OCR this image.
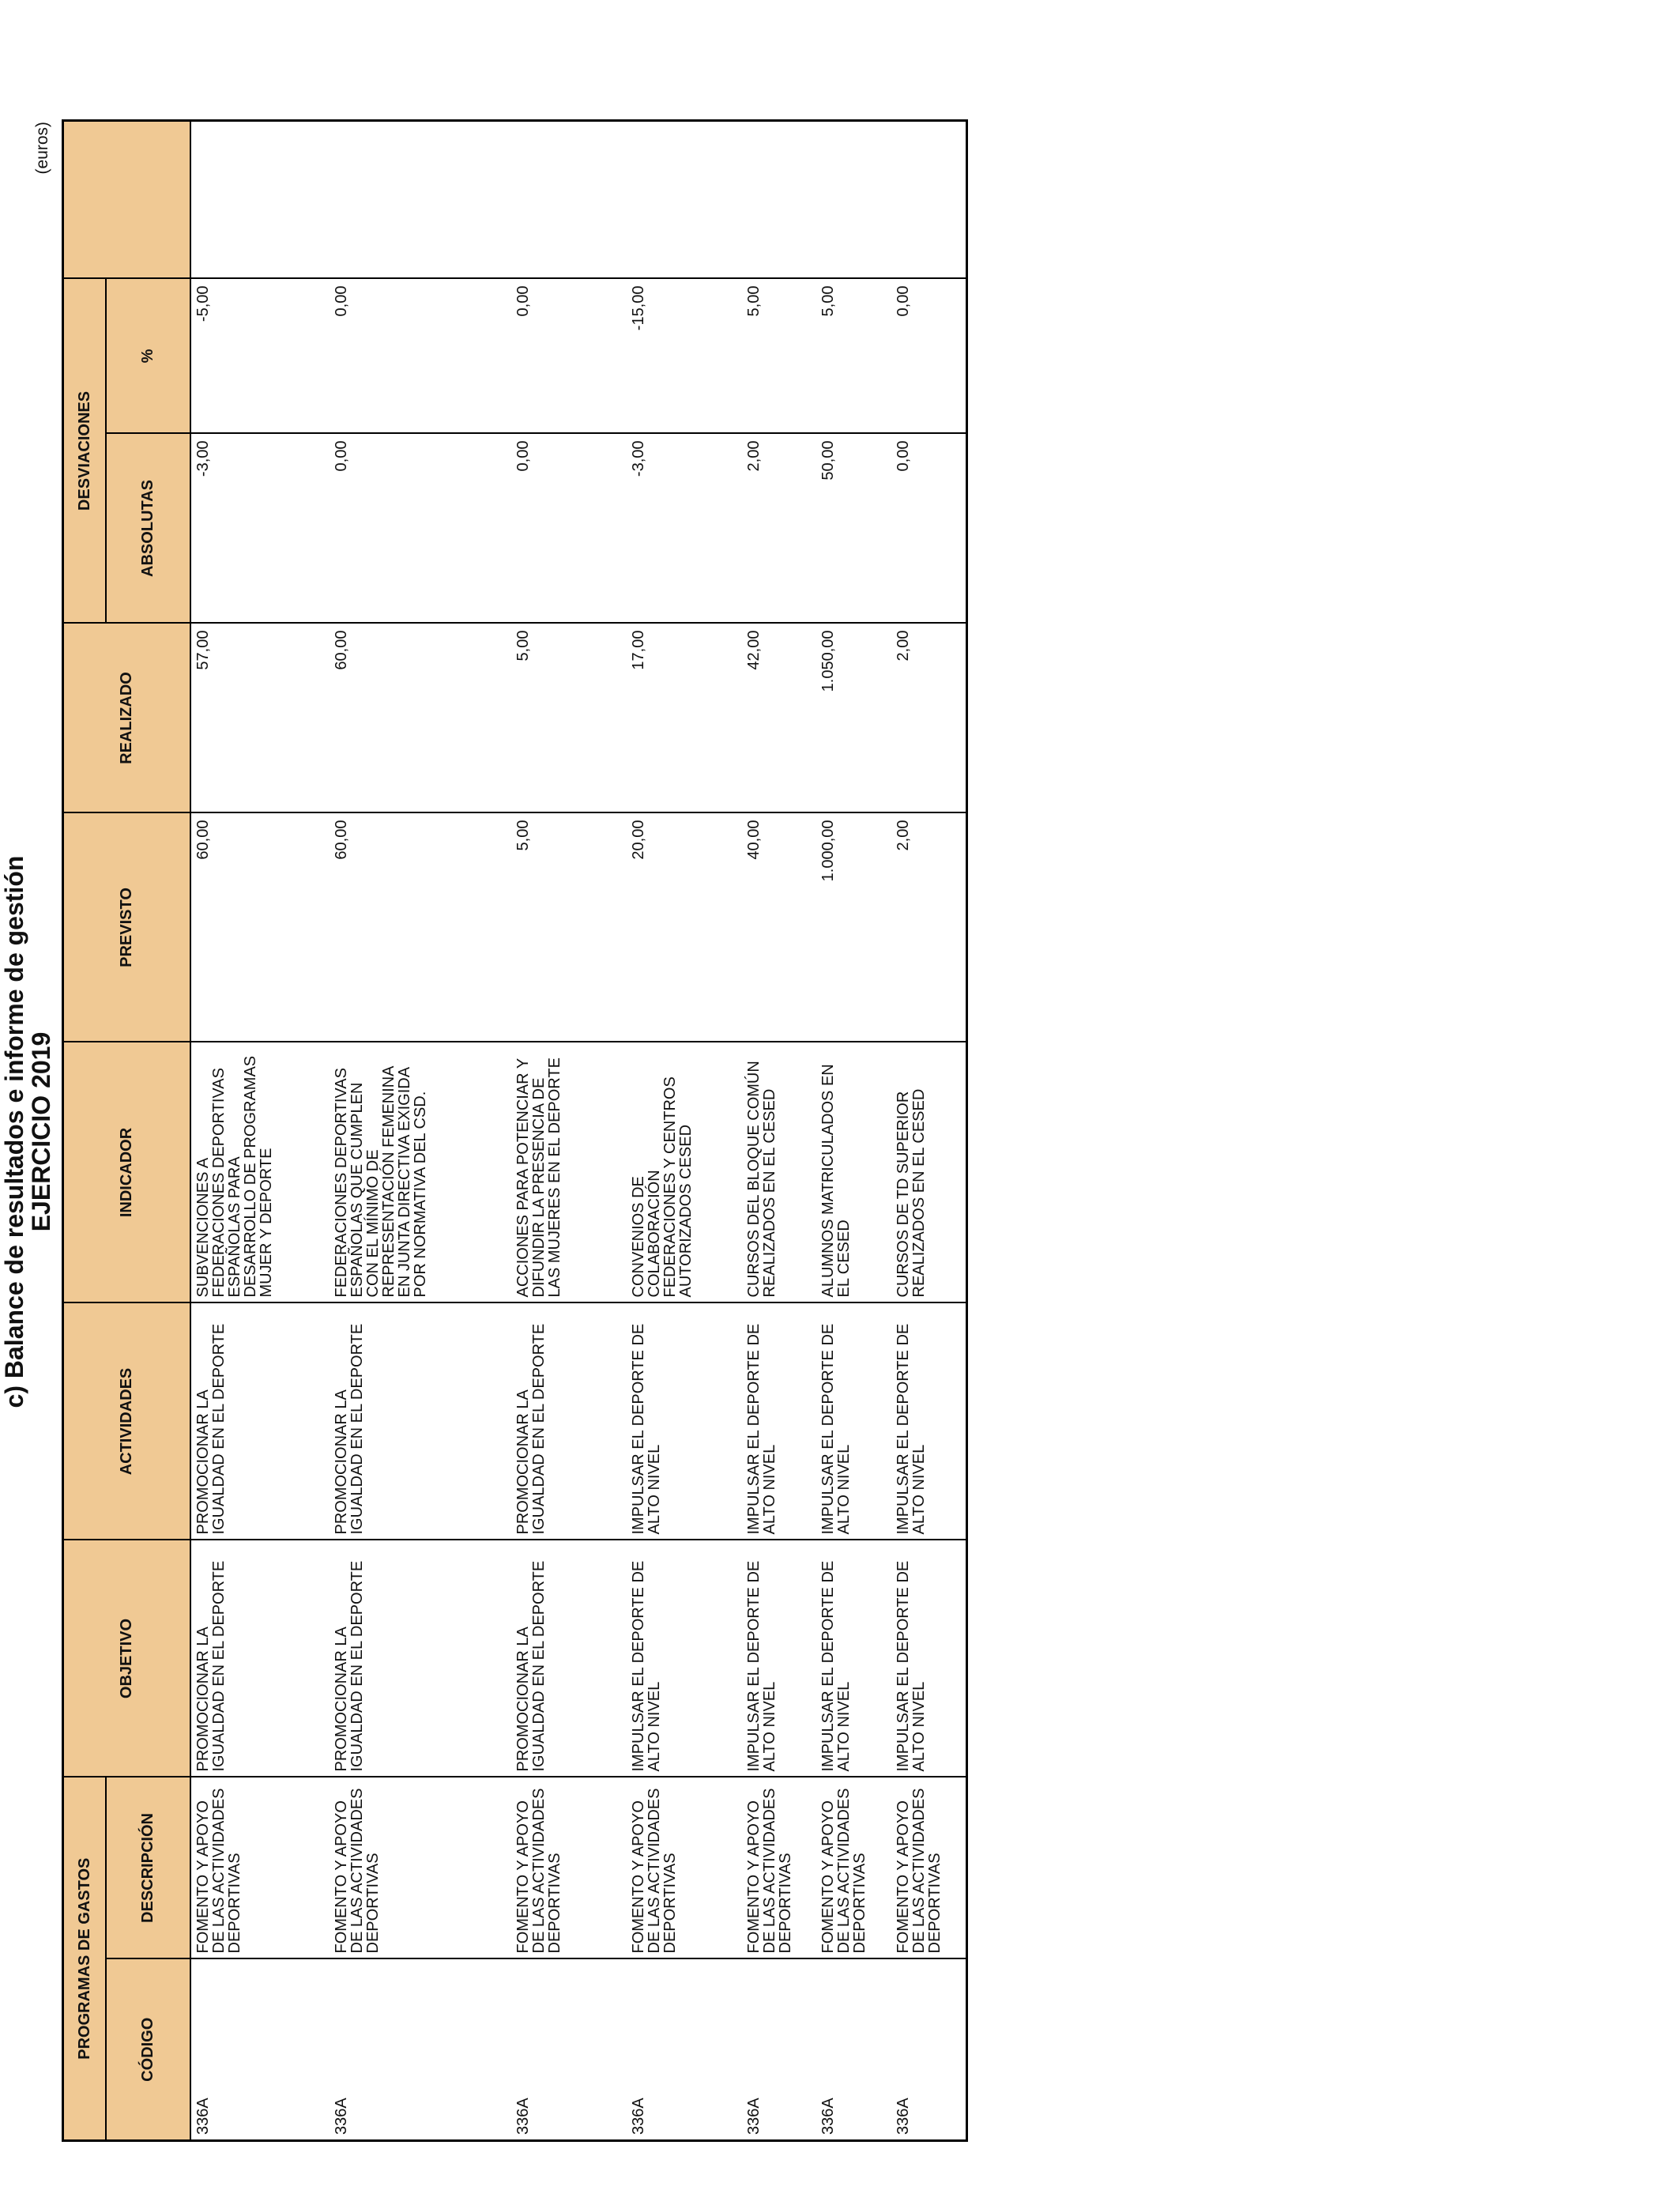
c) Balance de resultados e informe de gestión
EJERCICIO 2019
(euros)
PROGRAMAS DE GASTOS		OBJETIVO	ACTIVIDADES	INDICADOR	PREVISTO	REALIZADO	DESVIACIONES		
CÓDIGO	DESCRIPCIÓN						ABSOLUTAS	%	
336A	FOMENTO Y APOYO DE LAS ACTIVIDADES DEPORTIVAS	PROMOCIONAR LA IGUALDAD EN EL DEPORTE	PROMOCIONAR LA IGUALDAD EN EL DEPORTE	SUBVENCIONES A FEDERACIONES DEPORTIVAS ESPAÑOLAS PARA DESARROLLO DE PROGRAMAS MUJER Y DEPORTE	60,00	57,00	-3,00	-5,00	
336A	FOMENTO Y APOYO DE LAS ACTIVIDADES DEPORTIVAS	PROMOCIONAR LA IGUALDAD EN EL DEPORTE	PROMOCIONAR LA IGUALDAD EN EL DEPORTE	FEDERACIONES DEPORTIVAS ESPAÑOLAS QUE CUMPLEN CON EL MÍNIMO DE REPRESENTACIÓN FEMENINA EN JUNTA DIRECTIVA EXIGIDA POR NORMATIVA DEL CSD.	60,00	60,00	0,00	0,00	
336A	FOMENTO Y APOYO DE LAS ACTIVIDADES DEPORTIVAS	PROMOCIONAR LA IGUALDAD EN EL DEPORTE	PROMOCIONAR LA IGUALDAD EN EL DEPORTE	ACCIONES PARA POTENCIAR Y DIFUNDIR LA PRESENCIA DE LAS MUJERES EN EL DEPORTE	5,00	5,00	0,00	0,00	
336A	FOMENTO Y APOYO DE LAS ACTIVIDADES DEPORTIVAS	IMPULSAR EL DEPORTE DE ALTO NIVEL	IMPULSAR EL DEPORTE DE ALTO NIVEL	CONVENIOS DE COLABORACIÓN FEDERACIONES Y CENTROS AUTORIZADOS CESED	20,00	17,00	-3,00	-15,00	
336A	FOMENTO Y APOYO DE LAS ACTIVIDADES DEPORTIVAS	IMPULSAR EL DEPORTE DE ALTO NIVEL	IMPULSAR EL DEPORTE DE ALTO NIVEL	CURSOS DEL BLOQUE COMÚN REALIZADOS EN EL CESED	40,00	42,00	2,00	5,00	
336A	FOMENTO Y APOYO DE LAS ACTIVIDADES DEPORTIVAS	IMPULSAR EL DEPORTE DE ALTO NIVEL	IMPULSAR EL DEPORTE DE ALTO NIVEL	ALUMNOS MATRICULADOS EN EL CESED	1.000,00	1.050,00	50,00	5,00	
336A	FOMENTO Y APOYO DE LAS ACTIVIDADES DEPORTIVAS	IMPULSAR EL DEPORTE DE ALTO NIVEL	IMPULSAR EL DEPORTE DE ALTO NIVEL	CURSOS DE TD SUPERIOR REALIZADOS EN EL CESED	2,00	2,00	0,00	0,00	
